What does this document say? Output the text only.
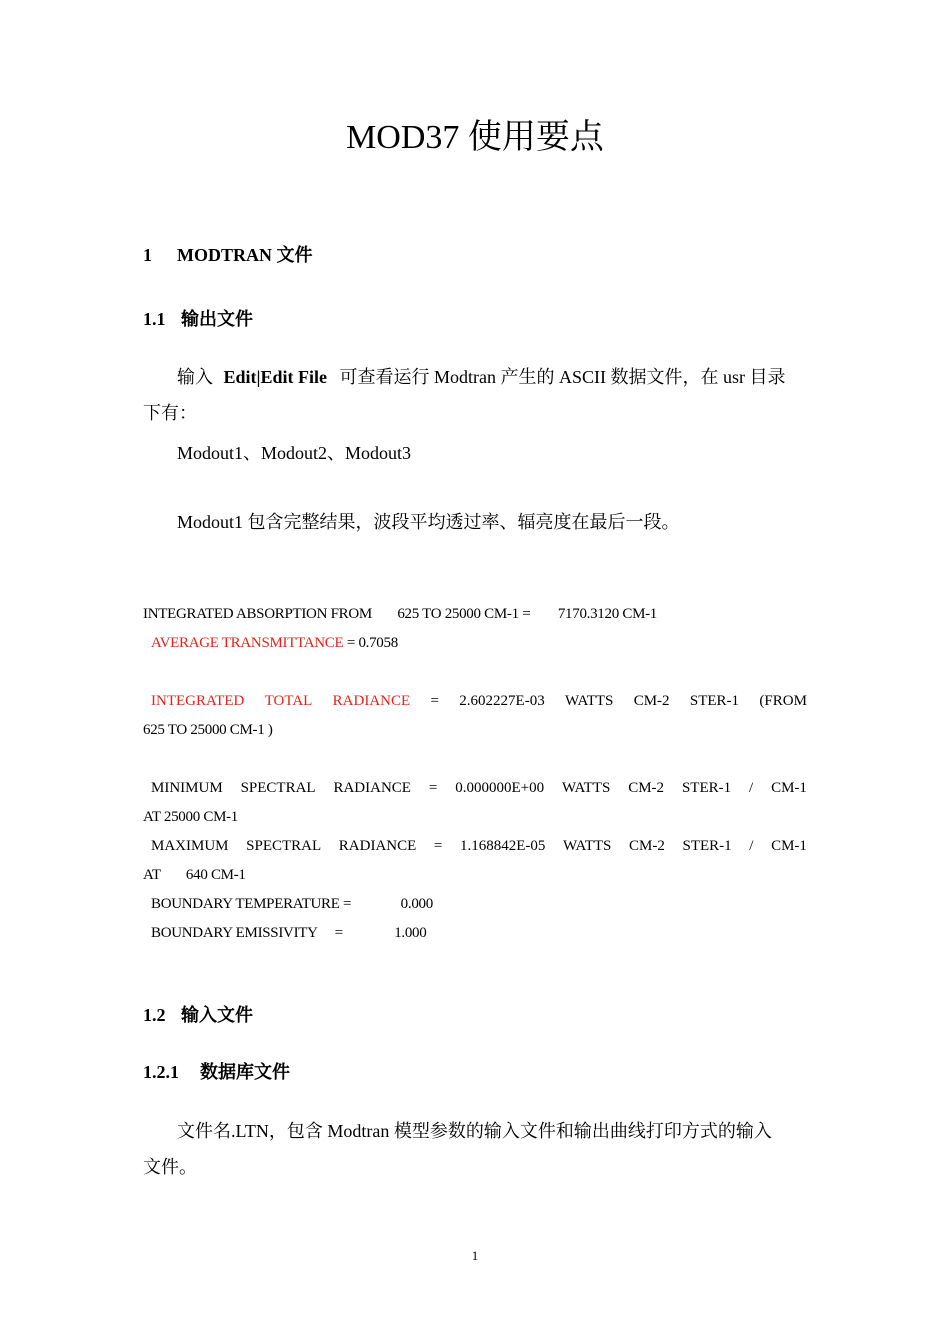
MOD37 使用要点
1 MODTRAN 文件
1.1 输出文件
输入 Edit|Edit File 可查看运行 Modtran 产生的 ASCII 数据文件，在 usr 目录
下有：
Modout1、Modout2、Modout3
Modout1 包含完整结果，波段平均透过率、辐亮度在最后一段。
INTEGRATED ABSORPTION FROM 625 TO 25000 CM-1 = 7170.3120 CM-1
AVERAGE TRANSMITTANCE = 0.7058
INTEGRATED TOTAL RADIANCE = 2.602227E-03 WATTS CM-2 STER-1 (FROM
625 TO 25000 CM-1 )
MINIMUM SPECTRAL RADIANCE = 0.000000E+00 WATTS CM-2 STER-1 / CM-1
AT 25000 CM-1
MAXIMUM SPECTRAL RADIANCE = 1.168842E-05 WATTS CM-2 STER-1 / CM-1
AT 640 CM-1
BOUNDARY TEMPERATURE =	0.000
BOUNDARY EMISSIVITY =	1.000
1.2 输入文件
1.2.1 数据库文件
文件名.LTN，包含 Modtran 模型参数的输入文件和输出曲线打印方式的输入
文件。
1
